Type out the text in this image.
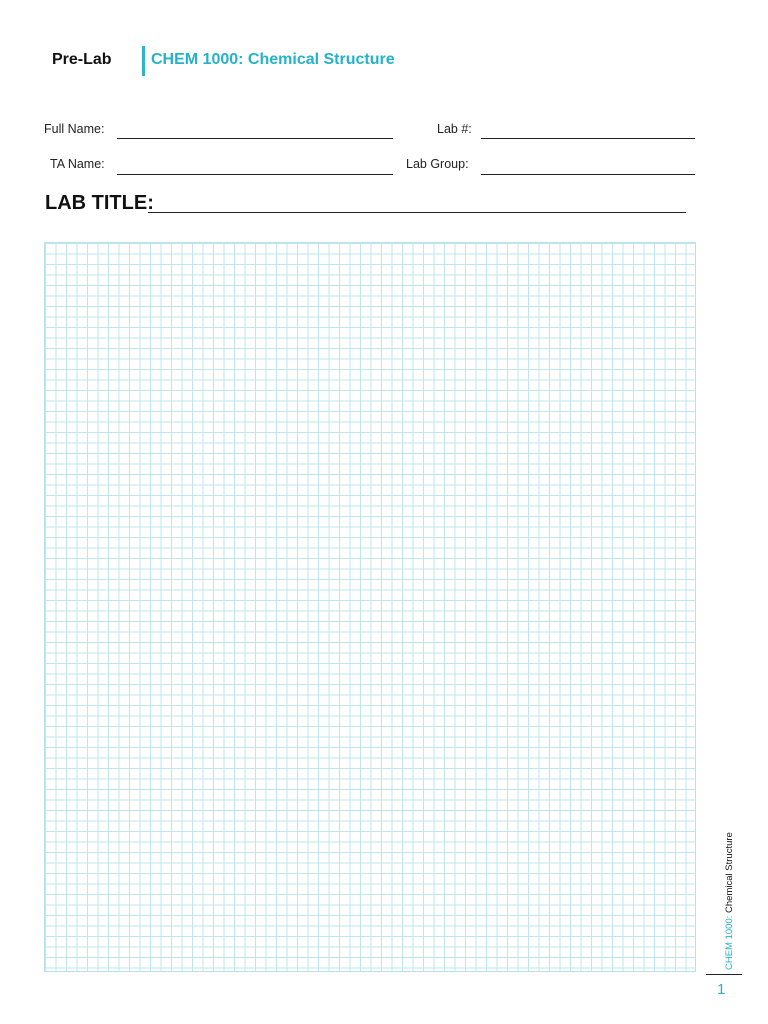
Pre-Lab CHEM 1000: Chemical Structure
Full Name:	Lab #:
TA Name:	Lab Group:
LAB TITLE:
CHEM 1000: Chemical Structure
1
